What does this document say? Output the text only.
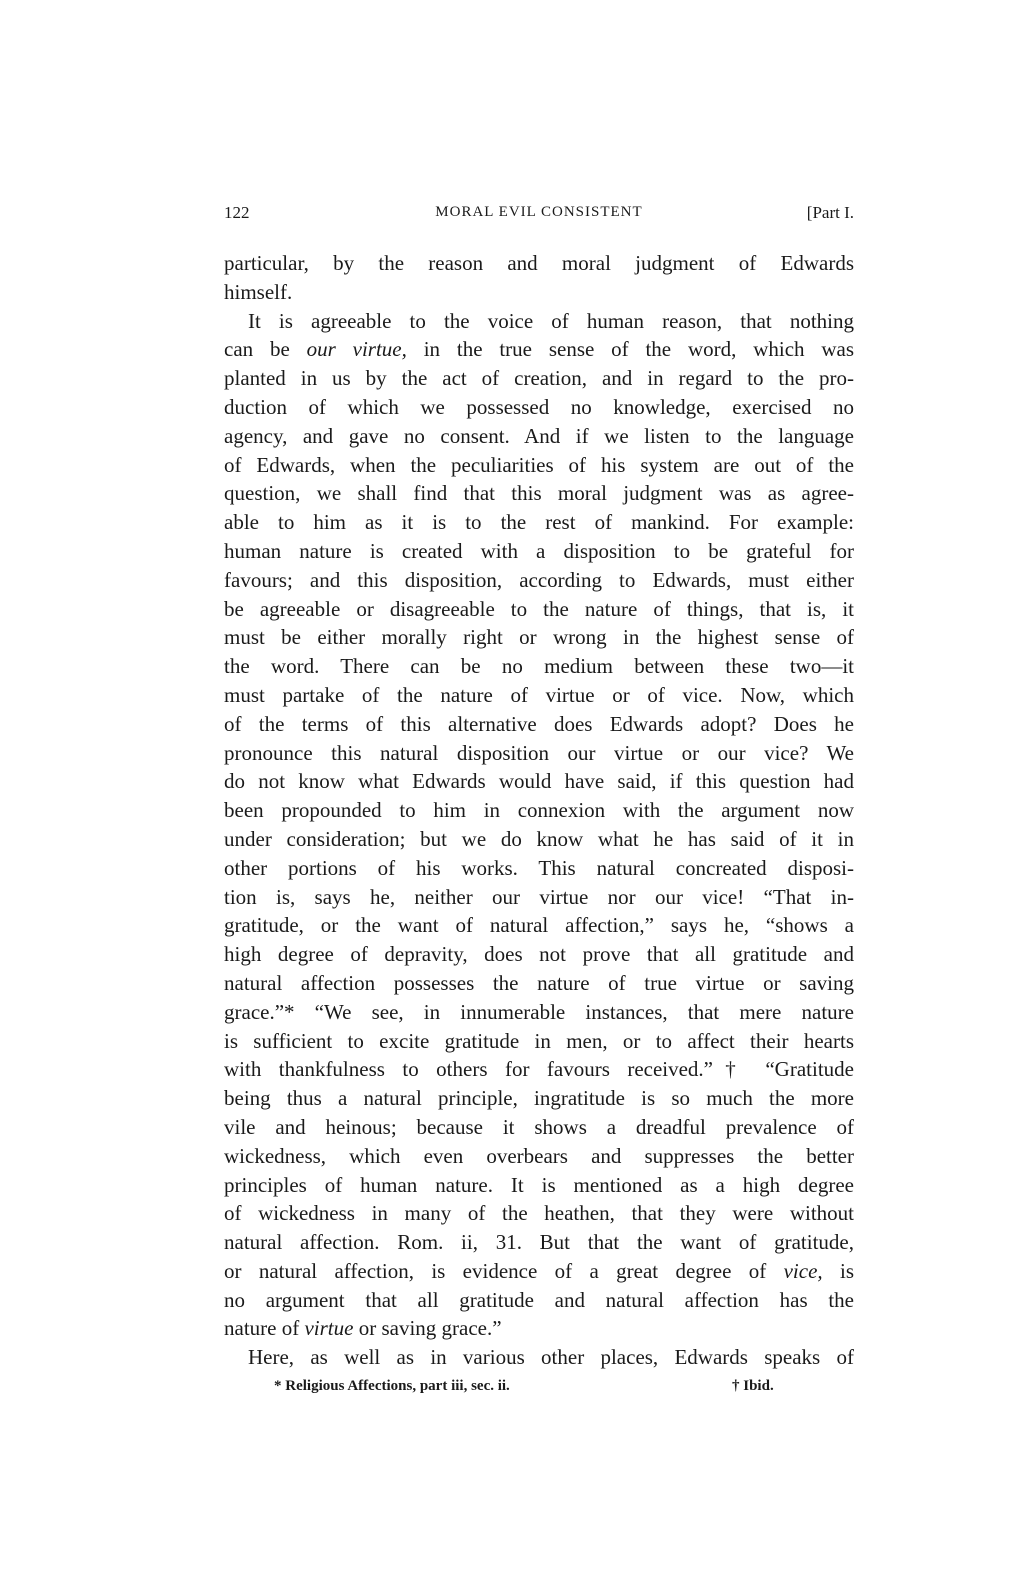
122	MORAL EVIL CONSISTENT	[Part I.
particular, by the reason and moral judgment of Edwards
himself.
It is agreeable to the voice of human reason, that nothing
can be our virtue, in the true sense of the word, which was
planted in us by the act of creation, and in regard to the pro-
duction of which we possessed no knowledge, exercised no
agency, and gave no consent. And if we listen to the language
of Edwards, when the peculiarities of his system are out of the
question, we shall find that this moral judgment was as agree-
able to him as it is to the rest of mankind. For example:
human nature is created with a disposition to be grateful for
favours; and this disposition, according to Edwards, must either
be agreeable or disagreeable to the nature of things, that is, it
must be either morally right or wrong in the highest sense of
the word. There can be no medium between these two—it
must partake of the nature of virtue or of vice. Now, which
of the terms of this alternative does Edwards adopt? Does he
pronounce this natural disposition our virtue or our vice? We
do not know what Edwards would have said, if this question had
been propounded to him in connexion with the argument now
under consideration; but we do know what he has said of it in
other portions of his works. This natural concreated disposi-
tion is, says he, neither our virtue nor our vice! “That in-
gratitude, or the want of natural affection,” says he, “shows a
high degree of depravity, does not prove that all gratitude and
natural affection possesses the nature of true virtue or saving
grace.”* “We see, in innumerable instances, that mere nature
is sufficient to excite gratitude in men, or to affect their hearts
with thankfulness to others for favours received.”† “Gratitude
being thus a natural principle, ingratitude is so much the more
vile and heinous; because it shows a dreadful prevalence of
wickedness, which even overbears and suppresses the better
principles of human nature. It is mentioned as a high degree
of wickedness in many of the heathen, that they were without
natural affection. Rom. ii, 31. But that the want of gratitude,
or natural affection, is evidence of a great degree of vice, is
no argument that all gratitude and natural affection has the
nature of virtue or saving grace.”
Here, as well as in various other places, Edwards speaks of
* Religious Affections, part iii, sec. ii.	† Ibid.
